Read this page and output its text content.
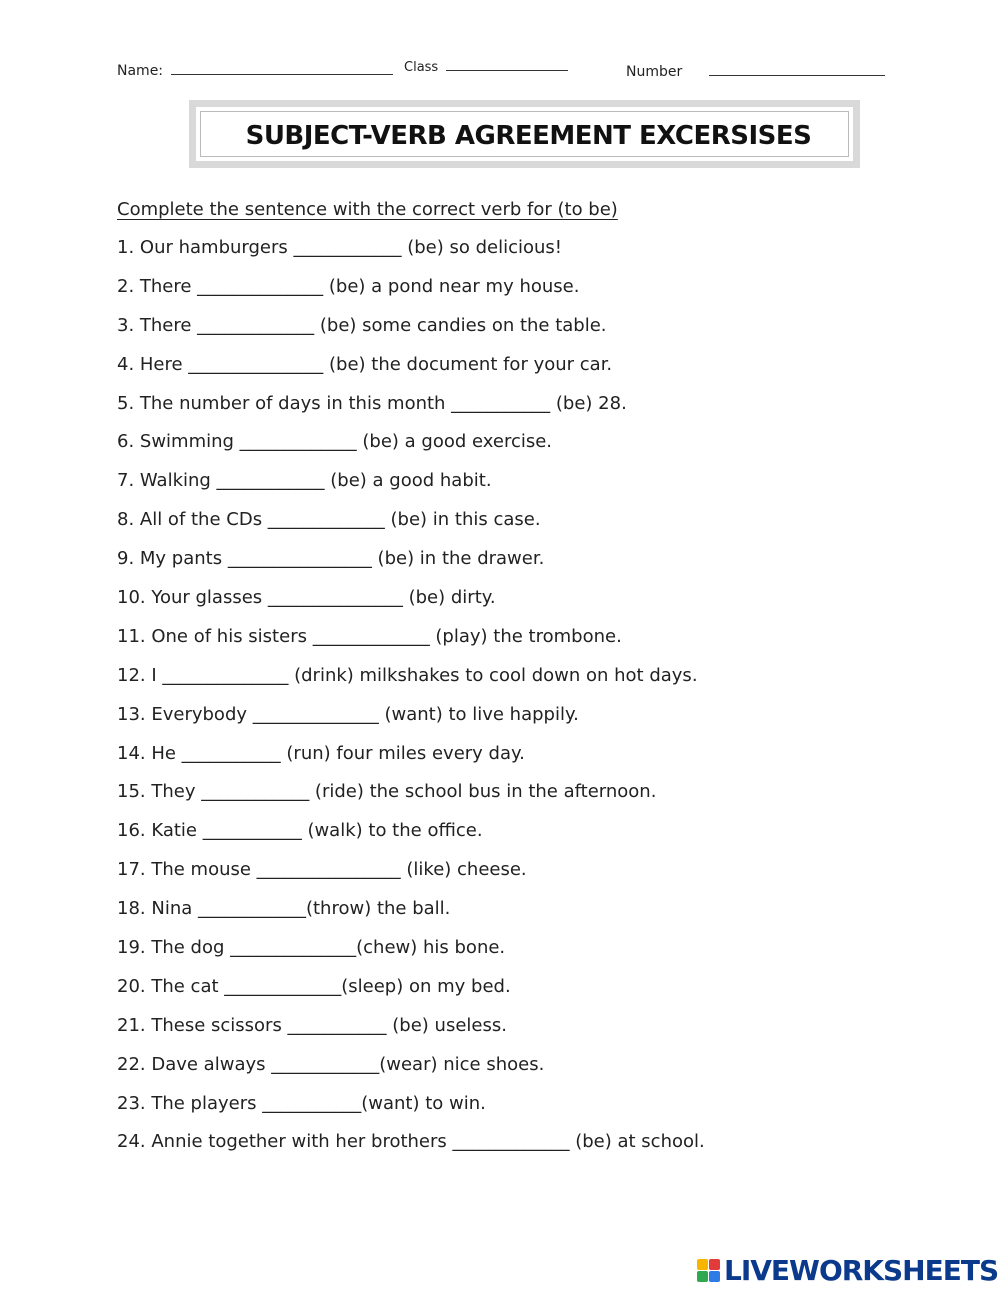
Name:	Class	Number
SUBJECT-VERB AGREEMENT EXCERSISES
Complete the sentence with the correct verb for (to be)
1. Our hamburgers ____________ (be) so delicious!
2. There ______________ (be) a pond near my house.
3. There _____________ (be) some candies on the table.
4. Here _______________ (be) the document for your car.
5. The number of days in this month ___________ (be) 28.
6. Swimming _____________ (be) a good exercise.
7. Walking ____________ (be) a good habit.
8. All of the CDs _____________ (be) in this case.
9. My pants ________________ (be) in the drawer.
10. Your glasses _______________ (be) dirty.
11. One of his sisters _____________ (play) the trombone.
12. I ______________ (drink) milkshakes to cool down on hot days.
13. Everybody ______________ (want) to live happily.
14. He ___________ (run) four miles every day.
15. They ____________ (ride) the school bus in the afternoon.
16. Katie ___________ (walk) to the office.
17. The mouse ________________ (like) cheese.
18. Nina ____________(throw) the ball.
19. The dog ______________(chew) his bone.
20. The cat _____________(sleep) on my bed.
21. These scissors ___________ (be) useless.
22. Dave always ____________(wear) nice shoes.
23. The players ___________(want) to win.
24. Annie together with her brothers _____________ (be) at school.
LIVEWORKSHEETS
